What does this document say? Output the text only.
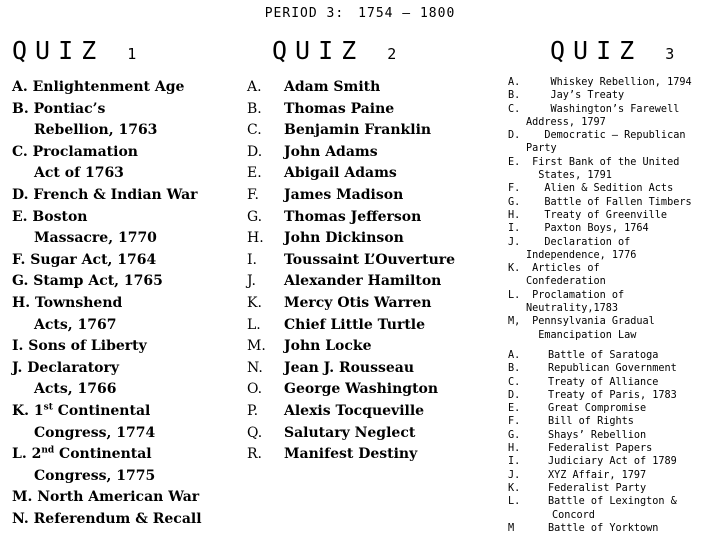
PERIOD 3: 1754 – 1800
QUIZ 1	QUIZ 2	QUIZ 3
A. Enlightenment Age
B. Pontiac’s
Rebellion, 1763
C. Proclamation
Act of 1763
D. French & Indian War
E. Boston
Massacre, 1770
F. Sugar Act, 1764
G. Stamp Act, 1765
H. Townshend
Acts, 1767
I. Sons of Liberty
J. Declaratory
Acts, 1766
K. 1st Continental
Congress, 1774
L. 2nd Continental
Congress, 1775
M. North American War
N. Referendum & Recall
A.	Adam Smith
B.	Thomas Paine
C.	Benjamin Franklin
D.	John Adams
E.	Abigail Adams
F.	James Madison
G.	Thomas Jefferson
H.	John Dickinson
I.	Toussaint L’Ouverture
J.	Alexander Hamilton
K.	Mercy Otis Warren
L.	Chief Little Turtle
M.	John Locke
N.	Jean J. Rousseau
O.	George Washington
P.	Alexis Tocqueville
Q.	Salutary Neglect
R.	Manifest Destiny
A. Whiskey Rebellion, 1794
B. Jay’s Treaty
C. Washington’s Farewell
Address, 1797
D. Democratic – Republican
Party
E. First Bank of the United
States, 1791
F. Alien & Sedition Acts
G. Battle of Fallen Timbers
H. Treaty of Greenville
I. Paxton Boys, 1764
J. Declaration of
Independence, 1776
K. Articles of
Confederation
L. Proclamation of
Neutrality,1783
M, Pennsylvania Gradual
Emancipation Law
A.	Battle of Saratoga
B.	Republican Government
C.	Treaty of Alliance
D.	Treaty of Paris, 1783
E.	Great Compromise
F.	Bill of Rights
G.	Shays’ Rebellion
H.	Federalist Papers
I.	Judiciary Act of 1789
J.	XYZ Affair, 1797
K.	Federalist Party
L.	Battle of Lexington &
Concord
M	Battle of Yorktown
